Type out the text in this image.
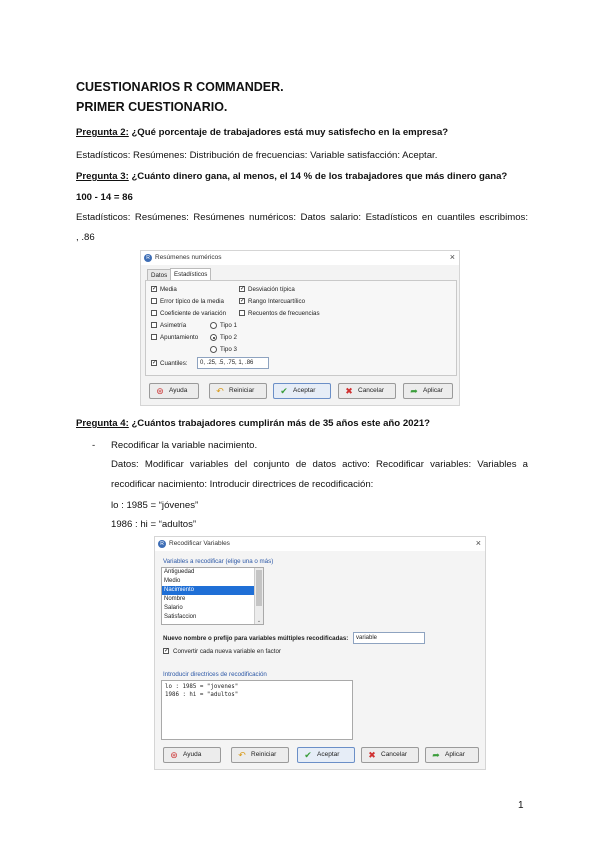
CUESTIONARIOS R COMMANDER.
PRIMER CUESTIONARIO.
Pregunta 2: ¿Qué porcentaje de trabajadores está muy satisfecho en la empresa?
Estadísticos: Resúmenes: Distribución de frecuencias: Variable satisfacción: Aceptar.
Pregunta 3: ¿Cuánto dinero gana, al menos, el 14 % de los trabajadores que más dinero gana?
100 - 14 = 86
Estadísticos: Resúmenes: Resúmenes numéricos: Datos salario: Estadísticos en cuantiles escribimos:
, .86
R Resúmenes numéricos	×
Datos	Estadísticos
✓ Media
Error típico de la media
Coeficiente de variación
Asimetría
Apuntamiento
✓ Cuantiles:	0, .25, .5, .75, 1, .86
✓ Desviación típica
✓ Rango Intercuartílico
Recuentos de frecuencias
Tipo 1
Tipo 2
Tipo 3
⊛ Ayuda	↶ Reiniciar	✔ Aceptar	✖ Cancelar	➦ Aplicar
Pregunta 4: ¿Cuántos trabajadores cumplirán más de 35 años este año 2021?
- Recodificar la variable nacimiento.
Datos: Modificar variables del conjunto de datos activo: Recodificar variables: Variables a
recodificar nacimiento: Introducir directrices de recodificación:
lo : 1985 = “jóvenes”
1986 : hi = “adultos”
R Recodificar Variables	×
Variables a recodificar (elige una o más)
Antiguedad
Medio
Nacimiento
Nombre
Salario
Satisfaccion
⌄
Nuevo nombre o prefijo para variables múltiples recodificadas:	variable
✓ Convertir cada nueva variable en factor
Introducir directrices de recodificación
lo : 1985 = "jovenes"
1986 : hi = "adultos"
⊛ Ayuda	↶ Reiniciar	✔ Aceptar	✖ Cancelar	➦ Aplicar
1
